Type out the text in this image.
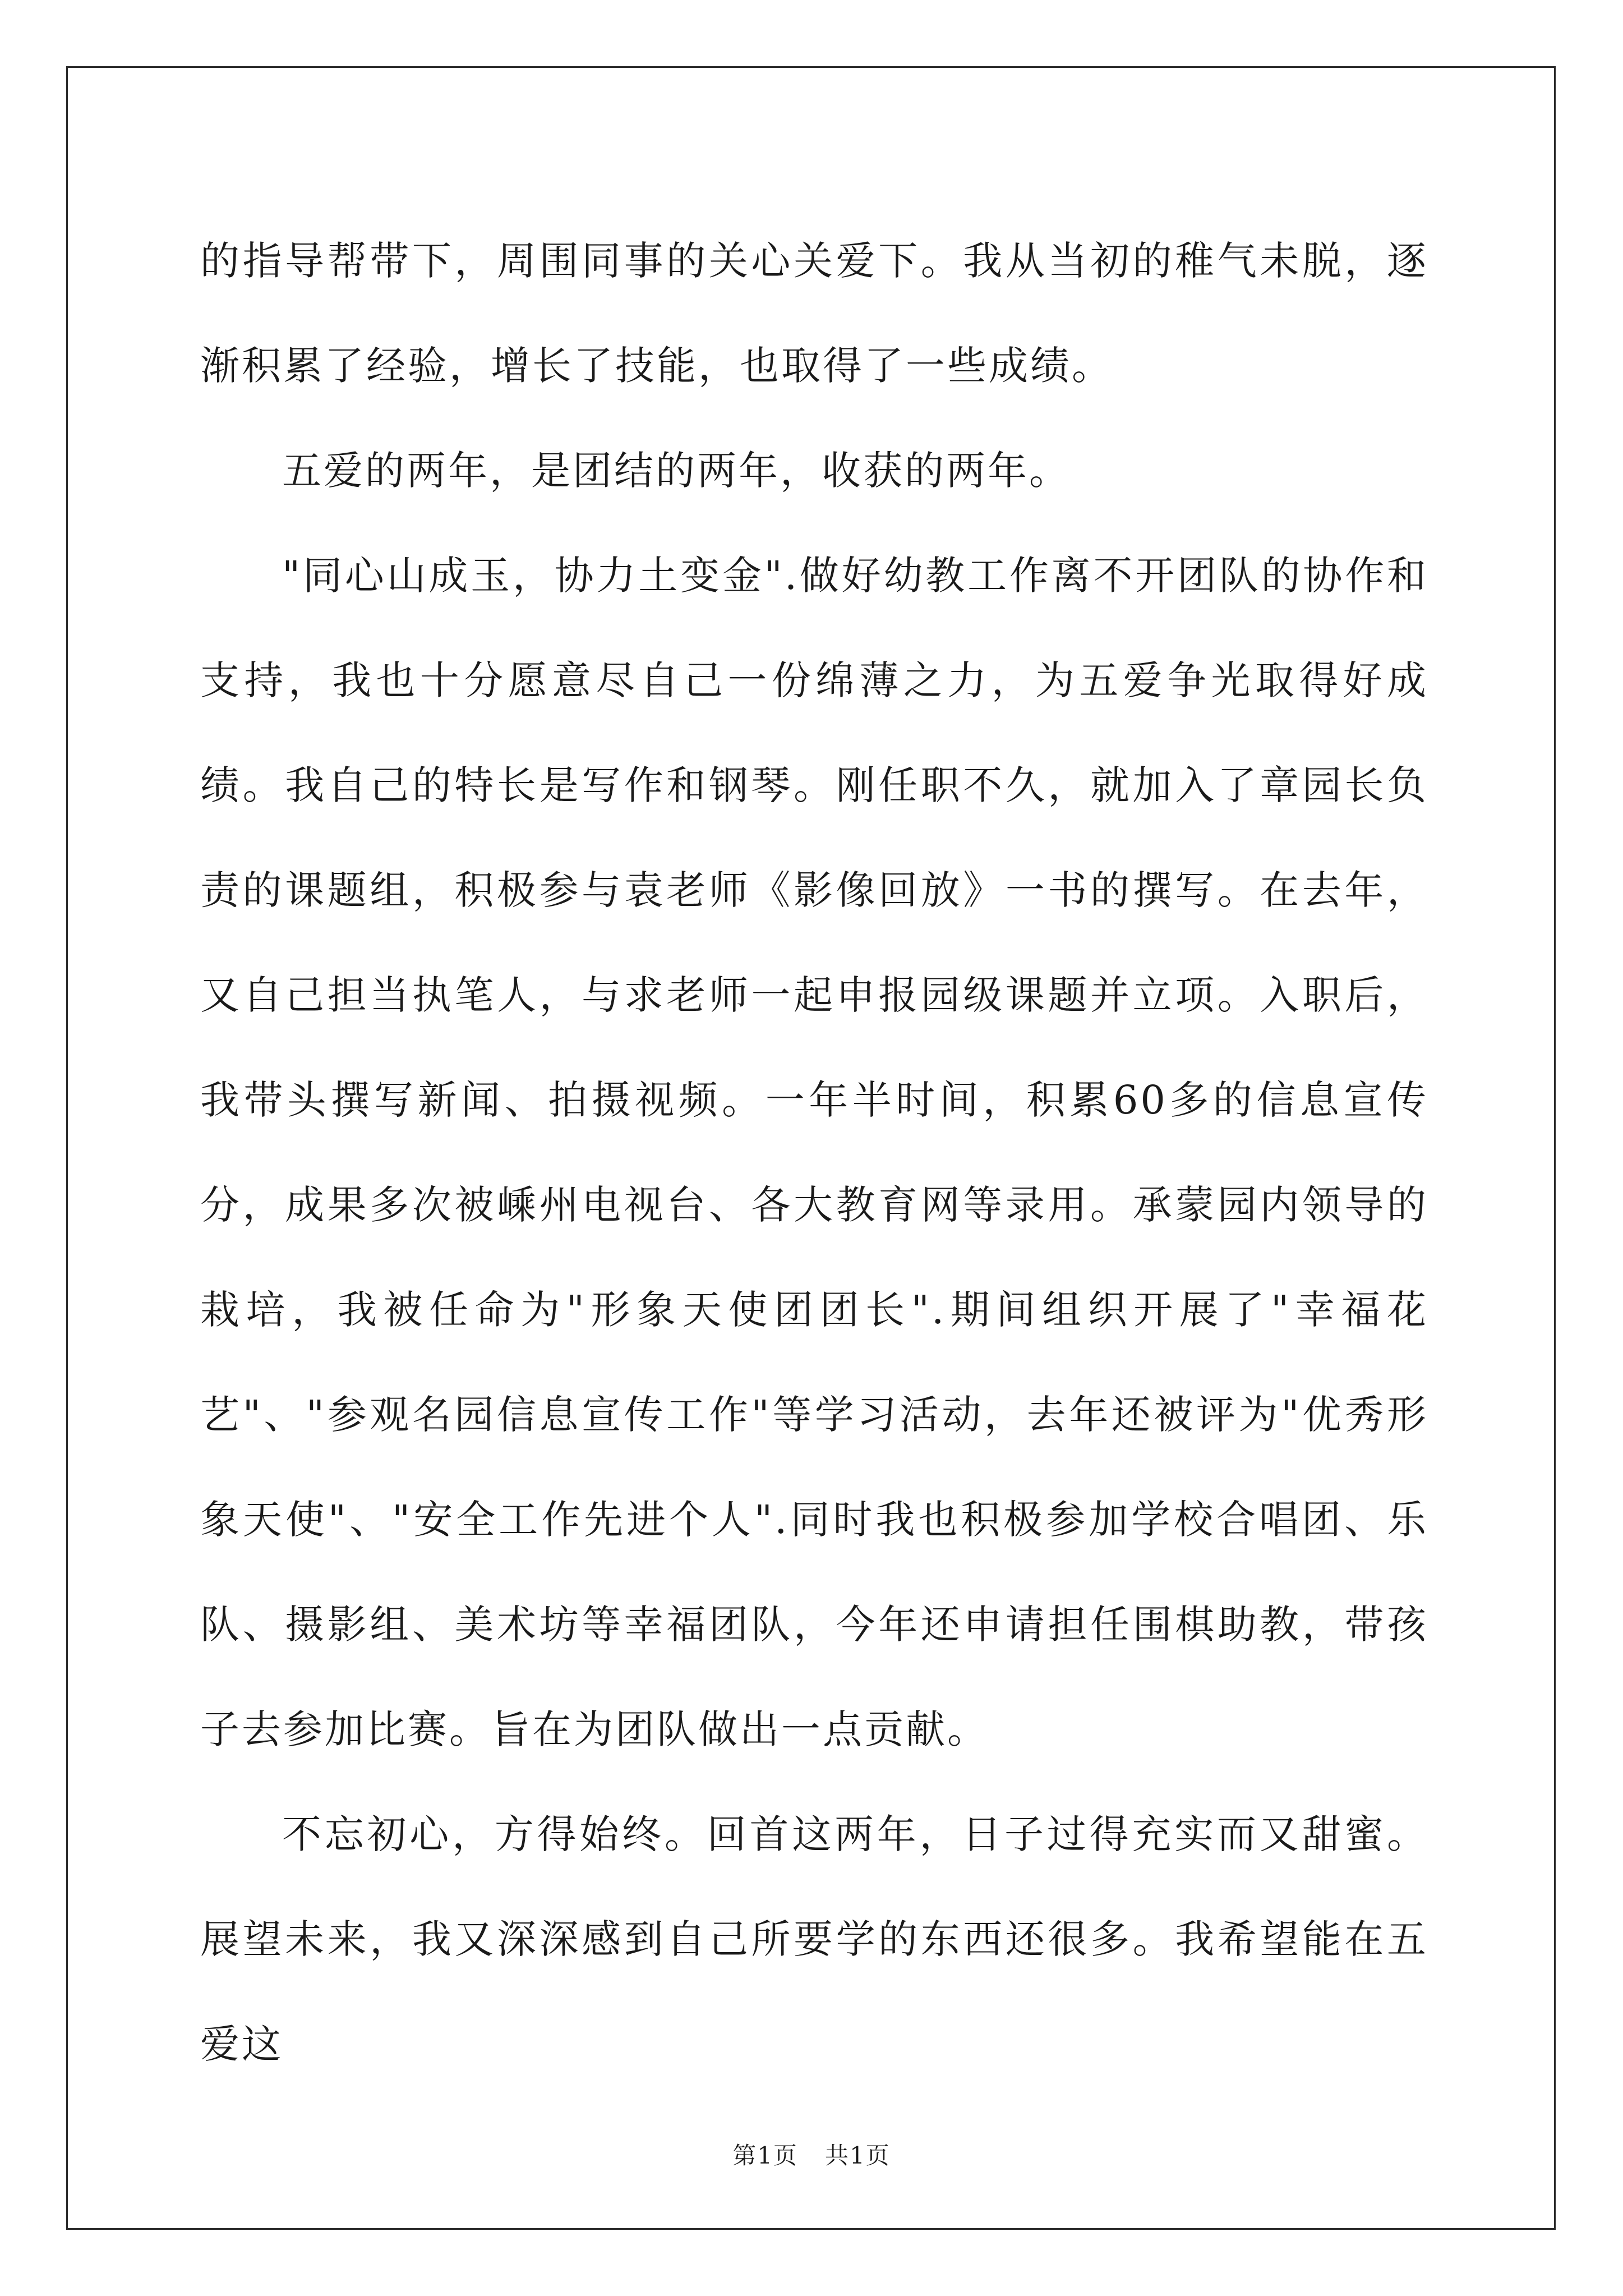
的指导帮带下，周围同事的关心关爱下。我从当初的稚气未脱，逐渐积累了经验，增长了技能，也取得了一些成绩。

五爱的两年，是团结的两年，收获的两年。

"同心山成玉，协力土变金".做好幼教工作离不开团队的协作和支持，我也十分愿意尽自己一份绵薄之力，为五爱争光取得好成绩。我自己的特长是写作和钢琴。刚任职不久，就加入了章园长负责的课题组，积极参与袁老师《影像回放》一书的撰写。在去年，又自己担当执笔人，与求老师一起申报园级课题并立项。入职后，我带头撰写新闻、拍摄视频。一年半时间，积累60多的信息宣传分，成果多次被嵊州电视台、各大教育网等录用。承蒙园内领导的栽培，我被任命为"形象天使团团长".期间组织开展了"幸福花艺"、"参观名园信息宣传工作"等学习活动，去年还被评为"优秀形象天使"、"安全工作先进个人".同时我也积极参加学校合唱团、乐队、摄影组、美术坊等幸福团队，今年还申请担任围棋助教，带孩子去参加比赛。旨在为团队做出一点贡献。

不忘初心，方得始终。回首这两年，日子过得充实而又甜蜜。展望未来，我又深深感到自己所要学的东西还很多。我希望能在五爱这

第1页 共1页
